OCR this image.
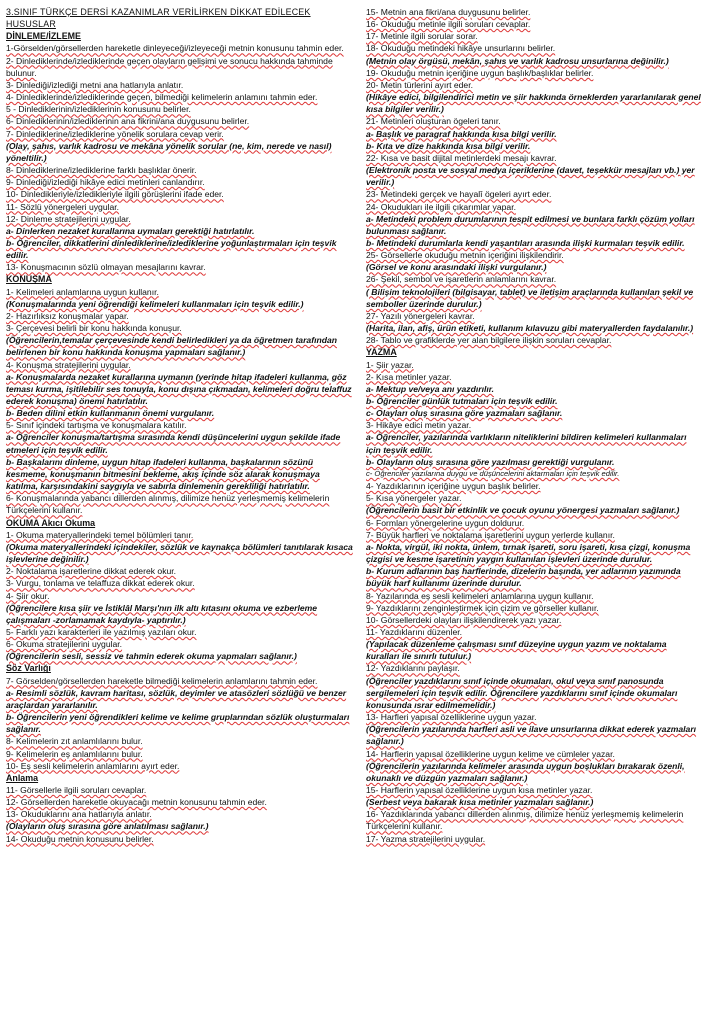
3.SINIF TÜRKÇE DERSİ KAZANIMLAR VERİLİRKEN DİKKAT EDİLECEK HUSUSLAR
DİNLEME/İZLEME
1-Görselden/görsellerden hareketle dinleyeceği/izleyeceği metnin konusunu tahmin eder.
2- Dinlediklerinde/izlediklerinde geçen olayların gelişimi ve sonucu hakkında tahminde bulunur.
3- Dinlediği/izlediği metni ana hatlarıyla anlatır.
4- Dinlediklerinde/izlediklerinde geçen, bilmediği kelimelerin anlamını tahmin eder.
5 - Dinlediklerinin/izlediklerinin konusunu belirler.
6- Dinlediklerinin/izlediklerinin ana fikrini/ana duygusunu belirler.
7- Dinlediklerine/izlediklerine yönelik sorulara cevap verir.
(Olay, şahıs, varlık kadrosu ve mekâna yönelik sorular (ne, kim, nerede ve nasıl) yöneltilir.)
8- Dinlediklerine/izlediklerine farklı başlıklar önerir.
9- Dinlediği/izlediği hikâye edici metinleri canlandırır.
10- Dinledikleriyle/izledikleriyle ilgili görüşlerini ifade eder.
11- Sözlü yönergeleri uygular.
12- Dinleme stratejilerini uygular.
a- Dinlerken nezaket kurallarına uymaları gerektiği hatırlatılır.
b- Öğrenciler, dikkatlerini dinlediklerine/izlediklerine yoğunlaştırmaları için teşvik edilir.
13- Konuşmacının sözlü olmayan mesajlarını kavrar.
KONUŞMA
1- Kelimeleri anlamlarına uygun kullanır.
(Konuşmalarında yeni öğrendiği kelimeleri kullanmaları için teşvik edilir.)
2- Hazırlıksız konuşmalar yapar.
3- Çerçevesi belirli bir konu hakkında konuşur.
(Öğrencilerin,temalar çerçevesinde kendi belirledikleri ya da öğretmen tarafından belirlenen bir konu hakkında konuşma yapmaları sağlanır.)
4- Konuşma stratejilerini uygular.
a- Konuşmalarda nezaket kurallarına uymanın (yerinde hitap ifadeleri kullanma, göz teması kurma, işitilebilir ses tonuyla, konu dışına çıkmadan, kelimeleri doğru telaffuz ederek konuşma) önemi hatırlatılır.
b- Beden dilini etkin kullanmanın önemi vurgulanır.
5- Sınıf içindeki tartışma ve konuşmalara katılır.
a- Öğrenciler konuşma/tartışma sırasında kendi düşüncelerini uygun şekilde ifade etmeleri için teşvik edilir.
b- Başkalarını dinleme, uygun hitap ifadeleri kullanma, başkalarının sözünü kesmeme, konuşmanın bitmesini bekleme, akış içinde söz alarak konuşmaya katılma, karşısındakini saygıyla ve sabırla dinlemenin gerekliliği hatırlatılır.
6- Konuşmalarında yabancı dillerden alınmış, dilimize henüz yerleşmemiş kelimelerin Türkçelerini kullanır.
OKUMA Akıcı Okuma
1- Okuma materyallerindeki temel bölümleri tanır.
(Okuma materyallerindeki içindekiler, sözlük ve kaynakça bölümleri tanıtılarak kısaca işlevlerine değinilir.)
2- Noktalama işaretlerine dikkat ederek okur.
3- Vurgu, tonlama ve telaffuza dikkat ederek okur.
4- Şiir okur.
(Öğrencilere kısa şiir ve İstiklâl Marşı'nın ilk altı kıtasını okuma ve ezberleme çalışmaları -zorlamamak kaydıyla- yaptırılır.)
5- Farklı yazı karakterleri ile yazılmış yazıları okur.
6- Okuma stratejilerini uygular.
(Öğrencilerin sesli, sessiz ve tahmin ederek okuma yapmaları sağlanır.)
Söz Varlığı
7- Görselden/görsellerden hareketle bilmediği kelimelerin anlamlarını tahmin eder.
a- Resimli sözlük, kavram haritası, sözlük, deyimler ve atasözleri sözlüğü ve benzer araçlardan yararlanılır.
b- Öğrencilerin yeni öğrendikleri kelime ve kelime gruplarından sözlük oluşturmaları sağlanır.
8- Kelimelerin zıt anlamlılarını bulur.
9- Kelimelerin eş anlamlılarını bulur.
10- Eş sesli kelimelerin anlamlarını ayırt eder.
Anlama
11- Görsellerle ilgili soruları cevaplar.
12- Görsellerden hareketle okuyacağı metnin konusunu tahmin eder.
13- Okuduklarını ana hatlarıyla anlatır.
(Olayların oluş sırasına göre anlatılması sağlanır.)
14- Okuduğu metnin konusunu belirler.
15- Metnin ana fikri/ana duygusunu belirler.
16- Okuduğu metinle ilgili soruları cevaplar.
17- Metinle ilgili sorular sorar.
18- Okuduğu metindeki hikâye unsurlarını belirler.
(Metnin olay örgüsü, mekân, şahıs ve varlık kadrosu unsurlarına değinilir.)
19- Okuduğu metnin içeriğine uygun başlık/başlıklar belirler.
20- Metin türlerini ayırt eder.
(Hikâye edici, bilgilendirici metin ve şiir hakkında örneklerden yararlanılarak genel kısa bilgiler verilir.)
21- Metinleri oluşturan ögeleri tanır.
a- Başlık ve paragraf hakkında kısa bilgi verilir.
b- Kıta ve dize hakkında kısa bilgi verilir.
22- Kısa ve basit dijital metinlerdeki mesajı kavrar.
(Elektronik posta ve sosyal medya içeriklerine (davet, teşekkür mesajları vb.) yer verilir.)
23- Metindeki gerçek ve hayalî ögeleri ayırt eder.
24- Okudukları ile ilgili çıkarımlar yapar.
a- Metindeki problem durumlarının tespit edilmesi ve bunlara farklı çözüm yolları bulunması sağlanır.
b- Metindeki durumlarla kendi yaşantıları arasında ilişki kurmaları teşvik edilir.
25- Görsellerle okuduğu metnin içeriğini ilişkilendirir.
(Görsel ve konu arasındaki ilişki vurgulanır.)
26- Şekil, sembol ve işaretlerin anlamlarını kavrar.
( Bilişim teknolojileri (bilgisayar, tablet) ve iletişim araçlarında kullanılan şekil ve semboller üzerinde durulur.)
27- Yazılı yönergeleri kavrar.
(Harita, ilan, afiş, ürün etiketi, kullanım kılavuzu gibi materyallerden faydalanılır.)
28- Tablo ve grafiklerde yer alan bilgilere ilişkin soruları cevaplar.
YAZMA
1- Şiir yazar.
2- Kısa metinler yazar.
a- Mektup ve/veya anı yazdırılır.
b- Öğrenciler günlük tutmaları için teşvik edilir.
c- Olayları oluş sırasına göre yazmaları sağlanır.
3- Hikâye edici metin yazar.
a- Öğrenciler, yazılarında varlıkların niteliklerini bildiren kelimeleri kullanmaları için teşvik edilir.
b- Olayların oluş sırasına göre yazılması gerektiği vurgulanır.
c- Öğrenciler yazılarına duygu ve düşüncelerini aktarmaları için teşvik edilir.
4- Yazdıklarının içeriğine uygun başlık belirler.
5- Kısa yönergeler yazar.
(Öğrencilerin basit bir etkinlik ve çocuk oyunu yönergesi yazmaları sağlanır.)
6- Formları yönergelerine uygun doldurur.
7- Büyük harfleri ve noktalama işaretlerini uygun yerlerde kullanır.
a- Nokta, virgül, iki nokta, ünlem, tırnak işareti, soru işareti, kısa çizgi, konuşma çizgisi ve kesme işaretinin yaygın kullanılan işlevleri üzerinde durulur.
b- Kurum adlarının baş harflerinde, dizelerin başında, yer adlarının yazımında büyük harf kullanımı üzerinde durulur.
8- Yazılarında eş sesli kelimeleri anlamlarına uygun kullanır.
9- Yazdıklarını zenginleştirmek için çizim ve görseller kullanır.
10- Görsellerdeki olayları ilişkilendirerek yazı yazar.
11- Yazdıklarını düzenler.
(Yapılacak düzenleme çalışması sınıf düzeyine uygun yazım ve noktalama kuralları ile sınırlı tutulur.)
12- Yazdıklarını paylaşır.
(Öğrenciler yazdıklarını sınıf içinde okumaları, okul veya sınıf panosunda sergilemeleri için teşvik edilir. Öğrencilere yazdıklarını sınıf içinde okumaları konusunda ısrar edilmemelidir.)
13- Harfleri yapısal özelliklerine uygun yazar.
(Öğrencilerin yazılarında harfleri asli ve ilave unsurlarına dikkat ederek yazmaları sağlanır.)
14- Harflerin yapısal özelliklerine uygun kelime ve cümleler yazar.
(Öğrencilerin yazılarında kelimeler arasında uygun boşlukları bırakarak özenli, okunaklı ve düzgün yazmaları sağlanır.)
15- Harflerin yapısal özelliklerine uygun kısa metinler yazar.
(Serbest veya bakarak kısa metinler yazmaları sağlanır.)
16- Yazdıklarında yabancı dillerden alınmış, dilimize henüz yerleşmemiş kelimelerin Türkçelerini kullanır.
17- Yazma stratejilerini uygular.
